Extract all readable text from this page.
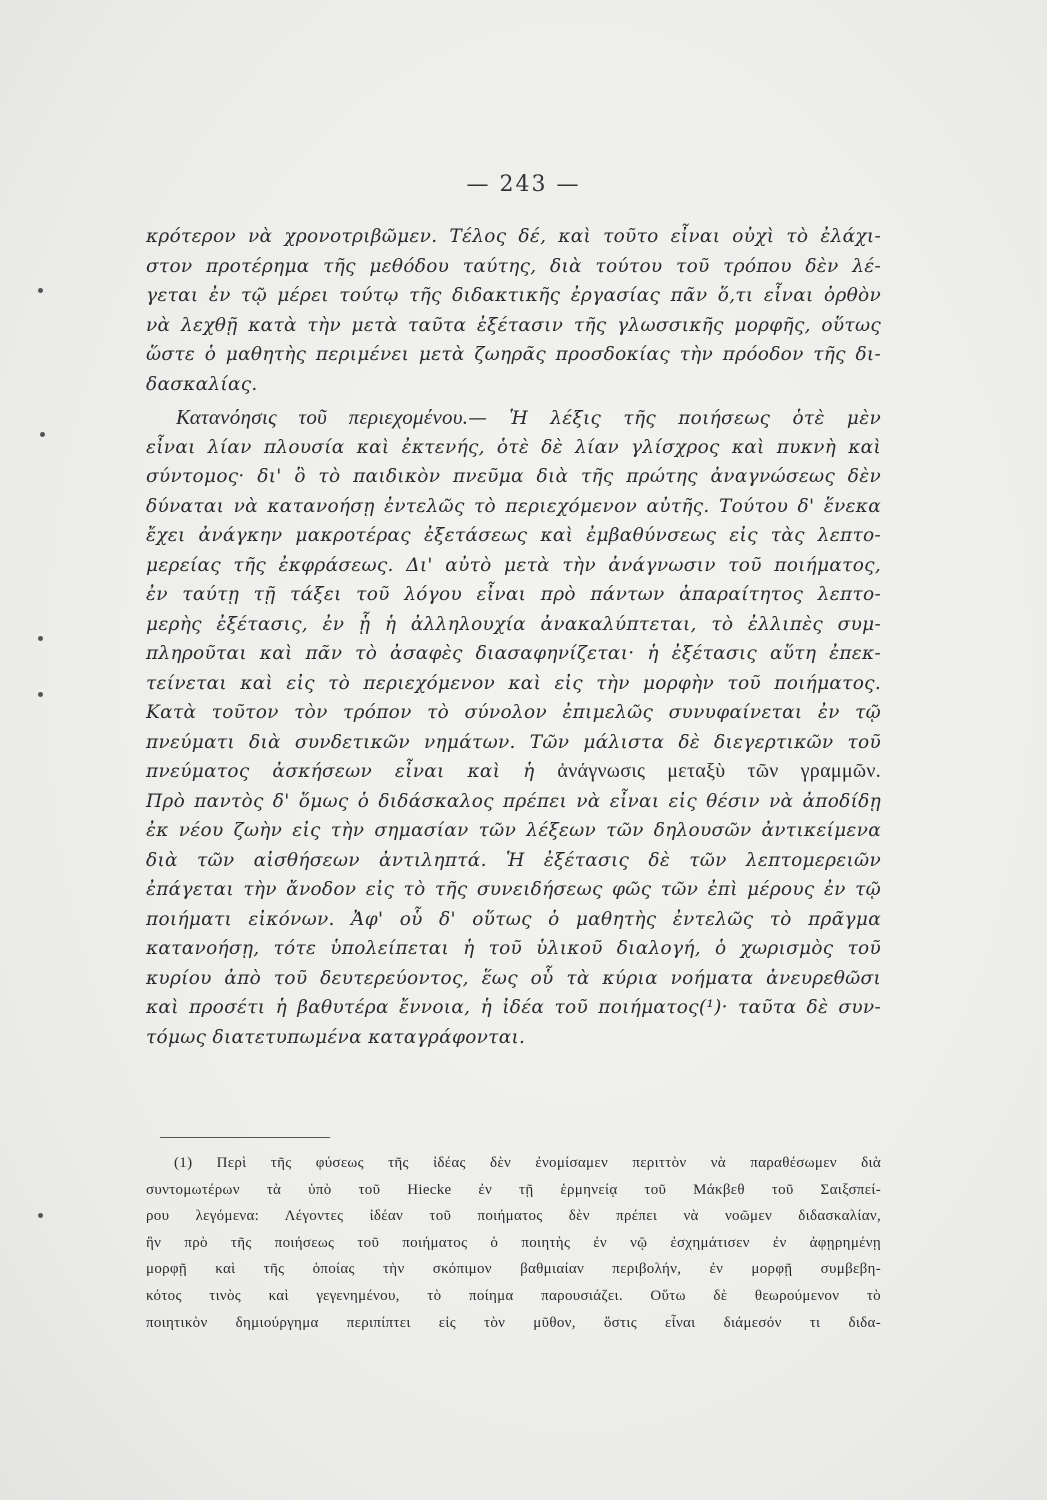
— 243 —
κρότερον νὰ χρονοτριβῶμεν. Τέλος δέ, καὶ τοῦτο εἶναι οὐχὶ τὸ ἐλάχι-
στον προτέρημα τῆς μεθόδου ταύτης, διὰ τούτου τοῦ τρόπου δὲν λέ-
γεται ἐν τῷ μέρει τούτῳ τῆς διδακτικῆς ἐργασίας πᾶν ὅ,τι εἶναι ὀρθὸν
νὰ λεχθῇ κατὰ τὴν μετὰ ταῦτα ἐξέτασιν τῆς γλωσσικῆς μορφῆς, οὕτως
ὥστε ὁ μαθητὴς περιμένει μετὰ ζωηρᾶς προσδοκίας τὴν πρόοδον τῆς δι-
δασκαλίας.
Κατανόησις τοῦ περιεχομένου.— Ἡ λέξις τῆς ποιήσεως ὁτὲ μὲν
εἶναι λίαν πλουσία καὶ ἐκτενής, ὁτὲ δὲ λίαν γλίσχρος καὶ πυκνὴ καὶ
σύντομος· δι' ὃ τὸ παιδικὸν πνεῦμα διὰ τῆς πρώτης ἀναγνώσεως δὲν
δύναται νὰ κατανοήσῃ ἐντελῶς τὸ περιεχόμενον αὐτῆς. Τούτου δ' ἕνεκα
ἔχει ἀνάγκην μακροτέρας ἐξετάσεως καὶ ἐμβαθύνσεως εἰς τὰς λεπτο-
μερείας τῆς ἐκφράσεως. Δι' αὐτὸ μετὰ τὴν ἀνάγνωσιν τοῦ ποιήματος,
ἐν ταύτῃ τῇ τάξει τοῦ λόγου εἶναι πρὸ πάντων ἀπαραίτητος λεπτο-
μερὴς ἐξέτασις, ἐν ᾗ ἡ ἀλληλουχία ἀνακαλύπτεται, τὸ ἐλλιπὲς συμ-
πληροῦται καὶ πᾶν τὸ ἀσαφὲς διασαφηνίζεται· ἡ ἐξέτασις αὕτη ἐπεκ-
τείνεται καὶ εἰς τὸ περιεχόμενον καὶ εἰς τὴν μορφὴν τοῦ ποιήματος.
Κατὰ τοῦτον τὸν τρόπον τὸ σύνολον ἐπιμελῶς συνυφαίνεται ἐν τῷ
πνεύματι διὰ συνδετικῶν νημάτων. Τῶν μάλιστα δὲ διεγερτικῶν τοῦ
πνεύματος ἀσκήσεων εἶναι καὶ ἡ ἀνάγνωσις μεταξὺ τῶν γραμμῶν.
Πρὸ παντὸς δ' ὅμως ὁ διδάσκαλος πρέπει νὰ εἶναι εἰς θέσιν νὰ ἀποδίδῃ
ἐκ νέου ζωὴν εἰς τὴν σημασίαν τῶν λέξεων τῶν δηλουσῶν ἀντικείμενα
διὰ τῶν αἰσθήσεων ἀντιληπτά. Ἡ ἐξέτασις δὲ τῶν λεπτομερειῶν
ἐπάγεται τὴν ἄνοδον εἰς τὸ τῆς συνειδήσεως φῶς τῶν ἐπὶ μέρους ἐν τῷ
ποιήματι εἰκόνων. Ἀφ' οὗ δ' οὕτως ὁ μαθητὴς ἐντελῶς τὸ πρᾶγμα
κατανοήσῃ, τότε ὑπολείπεται ἡ τοῦ ὑλικοῦ διαλογή, ὁ χωρισμὸς τοῦ
κυρίου ἀπὸ τοῦ δευτερεύοντος, ἕως οὗ τὰ κύρια νοήματα ἀνευρεθῶσι
καὶ προσέτι ἡ βαθυτέρα ἔννοια, ἡ ἰδέα τοῦ ποιήματος(¹)· ταῦτα δὲ συν-
τόμως διατετυπωμένα καταγράφονται.
(1) Περὶ τῆς φύσεως τῆς ἰδέας δὲν ἐνομίσαμεν περιττὸν νὰ παραθέσωμεν διὰ
συντομωτέρων τὰ ὑπὸ τοῦ Hiecke ἐν τῇ ἑρμηνείᾳ τοῦ Μάκβεθ τοῦ Σαιξσπεί-
ρου λεγόμενα: Λέγοντες ἰδέαν τοῦ ποιήματος δὲν πρέπει νὰ νοῶμεν διδασκαλίαν,
ἣν πρὸ τῆς ποιήσεως τοῦ ποιήματος ὁ ποιητὴς ἐν νῷ ἐσχημάτισεν ἐν ἀφῃρημένῃ
μορφῇ καὶ τῆς ὁποίας τὴν σκόπιμον βαθμιαίαν περιβολήν, ἐν μορφῇ συμβεβη-
κότος τινὸς καὶ γεγενημένου, τὸ ποίημα παρουσιάζει. Οὕτω δὲ θεωρούμενον τὸ
ποιητικὸν δημιούργημα περιπίπτει εἰς τὸν μῦθον, ὅστις εἶναι διάμεσόν τι διδα-
